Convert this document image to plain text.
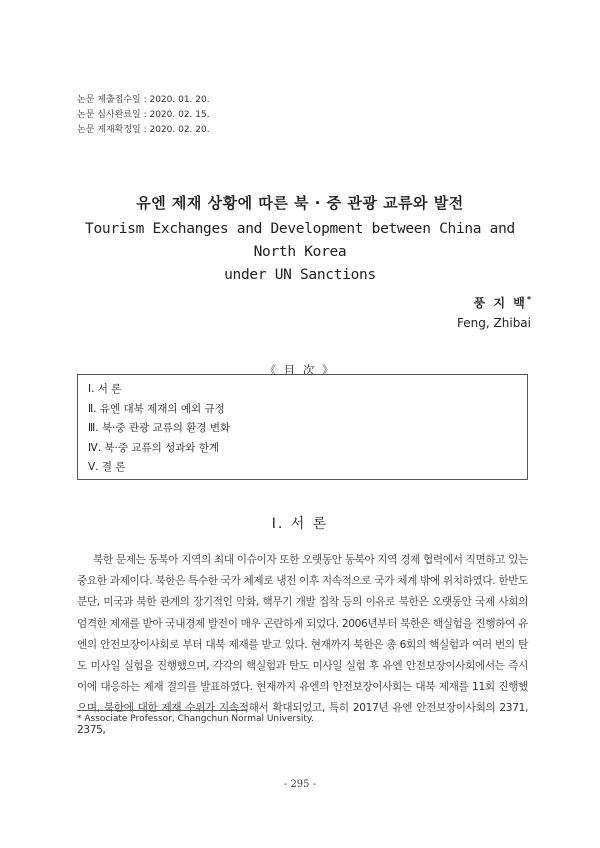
논문 제출접수일 : 2020. 01. 20.
논문 심사완료일 : 2020. 02. 15.
논문 게재확정일 : 2020. 02. 20.
유엔 제재 상황에 따른 북 · 중 관광 교류와 발전
Tourism Exchanges and Development between China and North Korea
under UN Sanctions
풍 지 백*
Feng, Zhibai
《 目 次 》
Ⅰ. 서 론
Ⅱ. 유엔 대북 제재의 예외 규정
Ⅲ. 북·중 관광 교류의 환경 변화
Ⅳ. 북·중 교류의 성과와 한계
Ⅴ. 결 론
Ⅰ. 서 론
북한 문제는 동북아 지역의 최대 이슈이자 또한 오랫동안 동북아 지역 경제 협력에서 직면하고 있는 중요한 과제이다. 북한은 특수한 국가 체제로 냉전 이후 지속적으로 국가 체계 밖에 위치하였다. 한반도 분단, 미국과 북한 관계의 장기적인 악화, 핵무기 개발 집착 등의 이유로 북한은 오랫동안 국제 사회의 엄격한 제재를 받아 국내경제 발전이 매우 곤란하게 되었다. 2006년부터 북한은 핵실험을 진행하여 유엔의 안전보장이사회로 부터 대북 제재를 받고 있다. 현재까지 북한은 총 6회의 핵실험과 여러 번의 탄도 미사일 실험을 진행했으며, 각각의 핵실험과 탄도 미사일 실험 후 유엔 안전보장이사회에서는 즉시 이에 대응하는 제재 결의를 발표하였다. 현재까지 유엔의 안전보장이사회는 대북 제재를 11회 진행했으며, 북한에 대한 제재 수위가 지속적해서 확대되었고, 특히 2017년 유엔 안전보장이사회의 2371, 2375,
* Associate Professor, Changchun Normal University.
- 295 -
